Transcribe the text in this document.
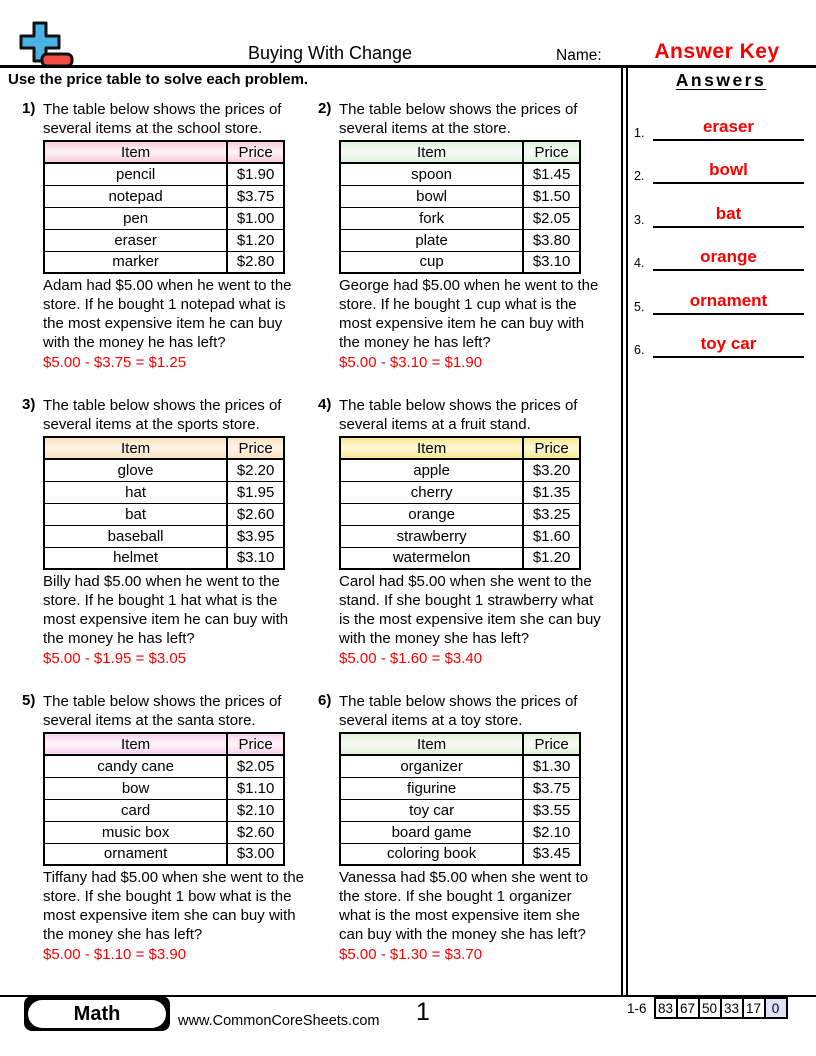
Buying With Change	Name:	Answer Key
Use the price table to solve each problem.
1) The table below shows the prices of several items at the school store.
Item	Price
pencil	$1.90
notepad	$3.75
pen	$1.00
eraser	$1.20
marker	$2.80
Adam had $5.00 when he went to the store. If he bought 1 notepad what is the most expensive item he can buy with the money he has left?
$5.00 - $3.75 = $1.25
2) The table below shows the prices of several items at the store.
Item	Price
spoon	$1.45
bowl	$1.50
fork	$2.05
plate	$3.80
cup	$3.10
George had $5.00 when he went to the store. If he bought 1 cup what is the most expensive item he can buy with the money he has left?
$5.00 - $3.10 = $1.90
3) The table below shows the prices of several items at the sports store.
Item	Price
glove	$2.20
hat	$1.95
bat	$2.60
baseball	$3.95
helmet	$3.10
Billy had $5.00 when he went to the store. If he bought 1 hat what is the most expensive item he can buy with the money he has left?
$5.00 - $1.95 = $3.05
4) The table below shows the prices of several items at a fruit stand.
Item	Price
apple	$3.20
cherry	$1.35
orange	$3.25
strawberry	$1.60
watermelon	$1.20
Carol had $5.00 when she went to the stand. If she bought 1 strawberry what is the most expensive item she can buy with the money she has left?
$5.00 - $1.60 = $3.40
5) The table below shows the prices of several items at the santa store.
Item	Price
candy cane	$2.05
bow	$1.10
card	$2.10
music box	$2.60
ornament	$3.00
Tiffany had $5.00 when she went to the store. If she bought 1 bow what is the most expensive item she can buy with the money she has left?
$5.00 - $1.10 = $3.90
6) The table below shows the prices of several items at a toy store.
Item	Price
organizer	$1.30
figurine	$3.75
toy car	$3.55
board game	$2.10
coloring book	$3.45
Vanessa had $5.00 when she went to the store. If she bought 1 organizer what is the most expensive item she can buy with the money she has left?
$5.00 - $1.30 = $3.70
Answers
1.	eraser
2.	bowl
3.	bat
4.	orange
5.	ornament
6.	toy car
Math	www.CommonCoreSheets.com	1	1-6 83 67 50 33 17 0
